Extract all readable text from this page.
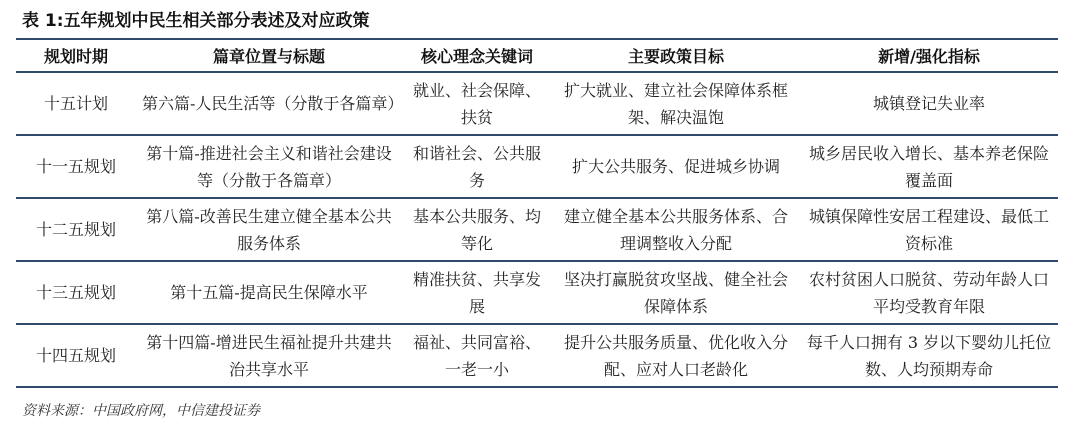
表 1:五年规划中民生相关部分表述及对应政策
规划时期	篇章位置与标题	核心理念关键词	主要政策目标	新增/强化指标
十五计划	第六篇-人民生活等（分散于各篇章）	就业、社会保障、扶贫	扩大就业、建立社会保障体系框架、解决温饱	城镇登记失业率
十一五规划	第十篇-推进社会主义和谐社会建设等（分散于各篇章）	和谐社会、公共服务	扩大公共服务、促进城乡协调	城乡居民收入增长、基本养老保险覆盖面
十二五规划	第八篇-改善民生建立健全基本公共服务体系	基本公共服务、均等化	建立健全基本公共服务体系、合理调整收入分配	城镇保障性安居工程建设、最低工资标准
十三五规划	第十五篇-提高民生保障水平	精准扶贫、共享发展	坚决打赢脱贫攻坚战、健全社会保障体系	农村贫困人口脱贫、劳动年龄人口平均受教育年限
十四五规划	第十四篇-增进民生福祉提升共建共治共享水平	福祉、共同富裕、一老一小	提升公共服务质量、优化收入分配、应对人口老龄化	每千人口拥有 3 岁以下婴幼儿托位数、人均预期寿命
资料来源：中国政府网，中信建投证券
